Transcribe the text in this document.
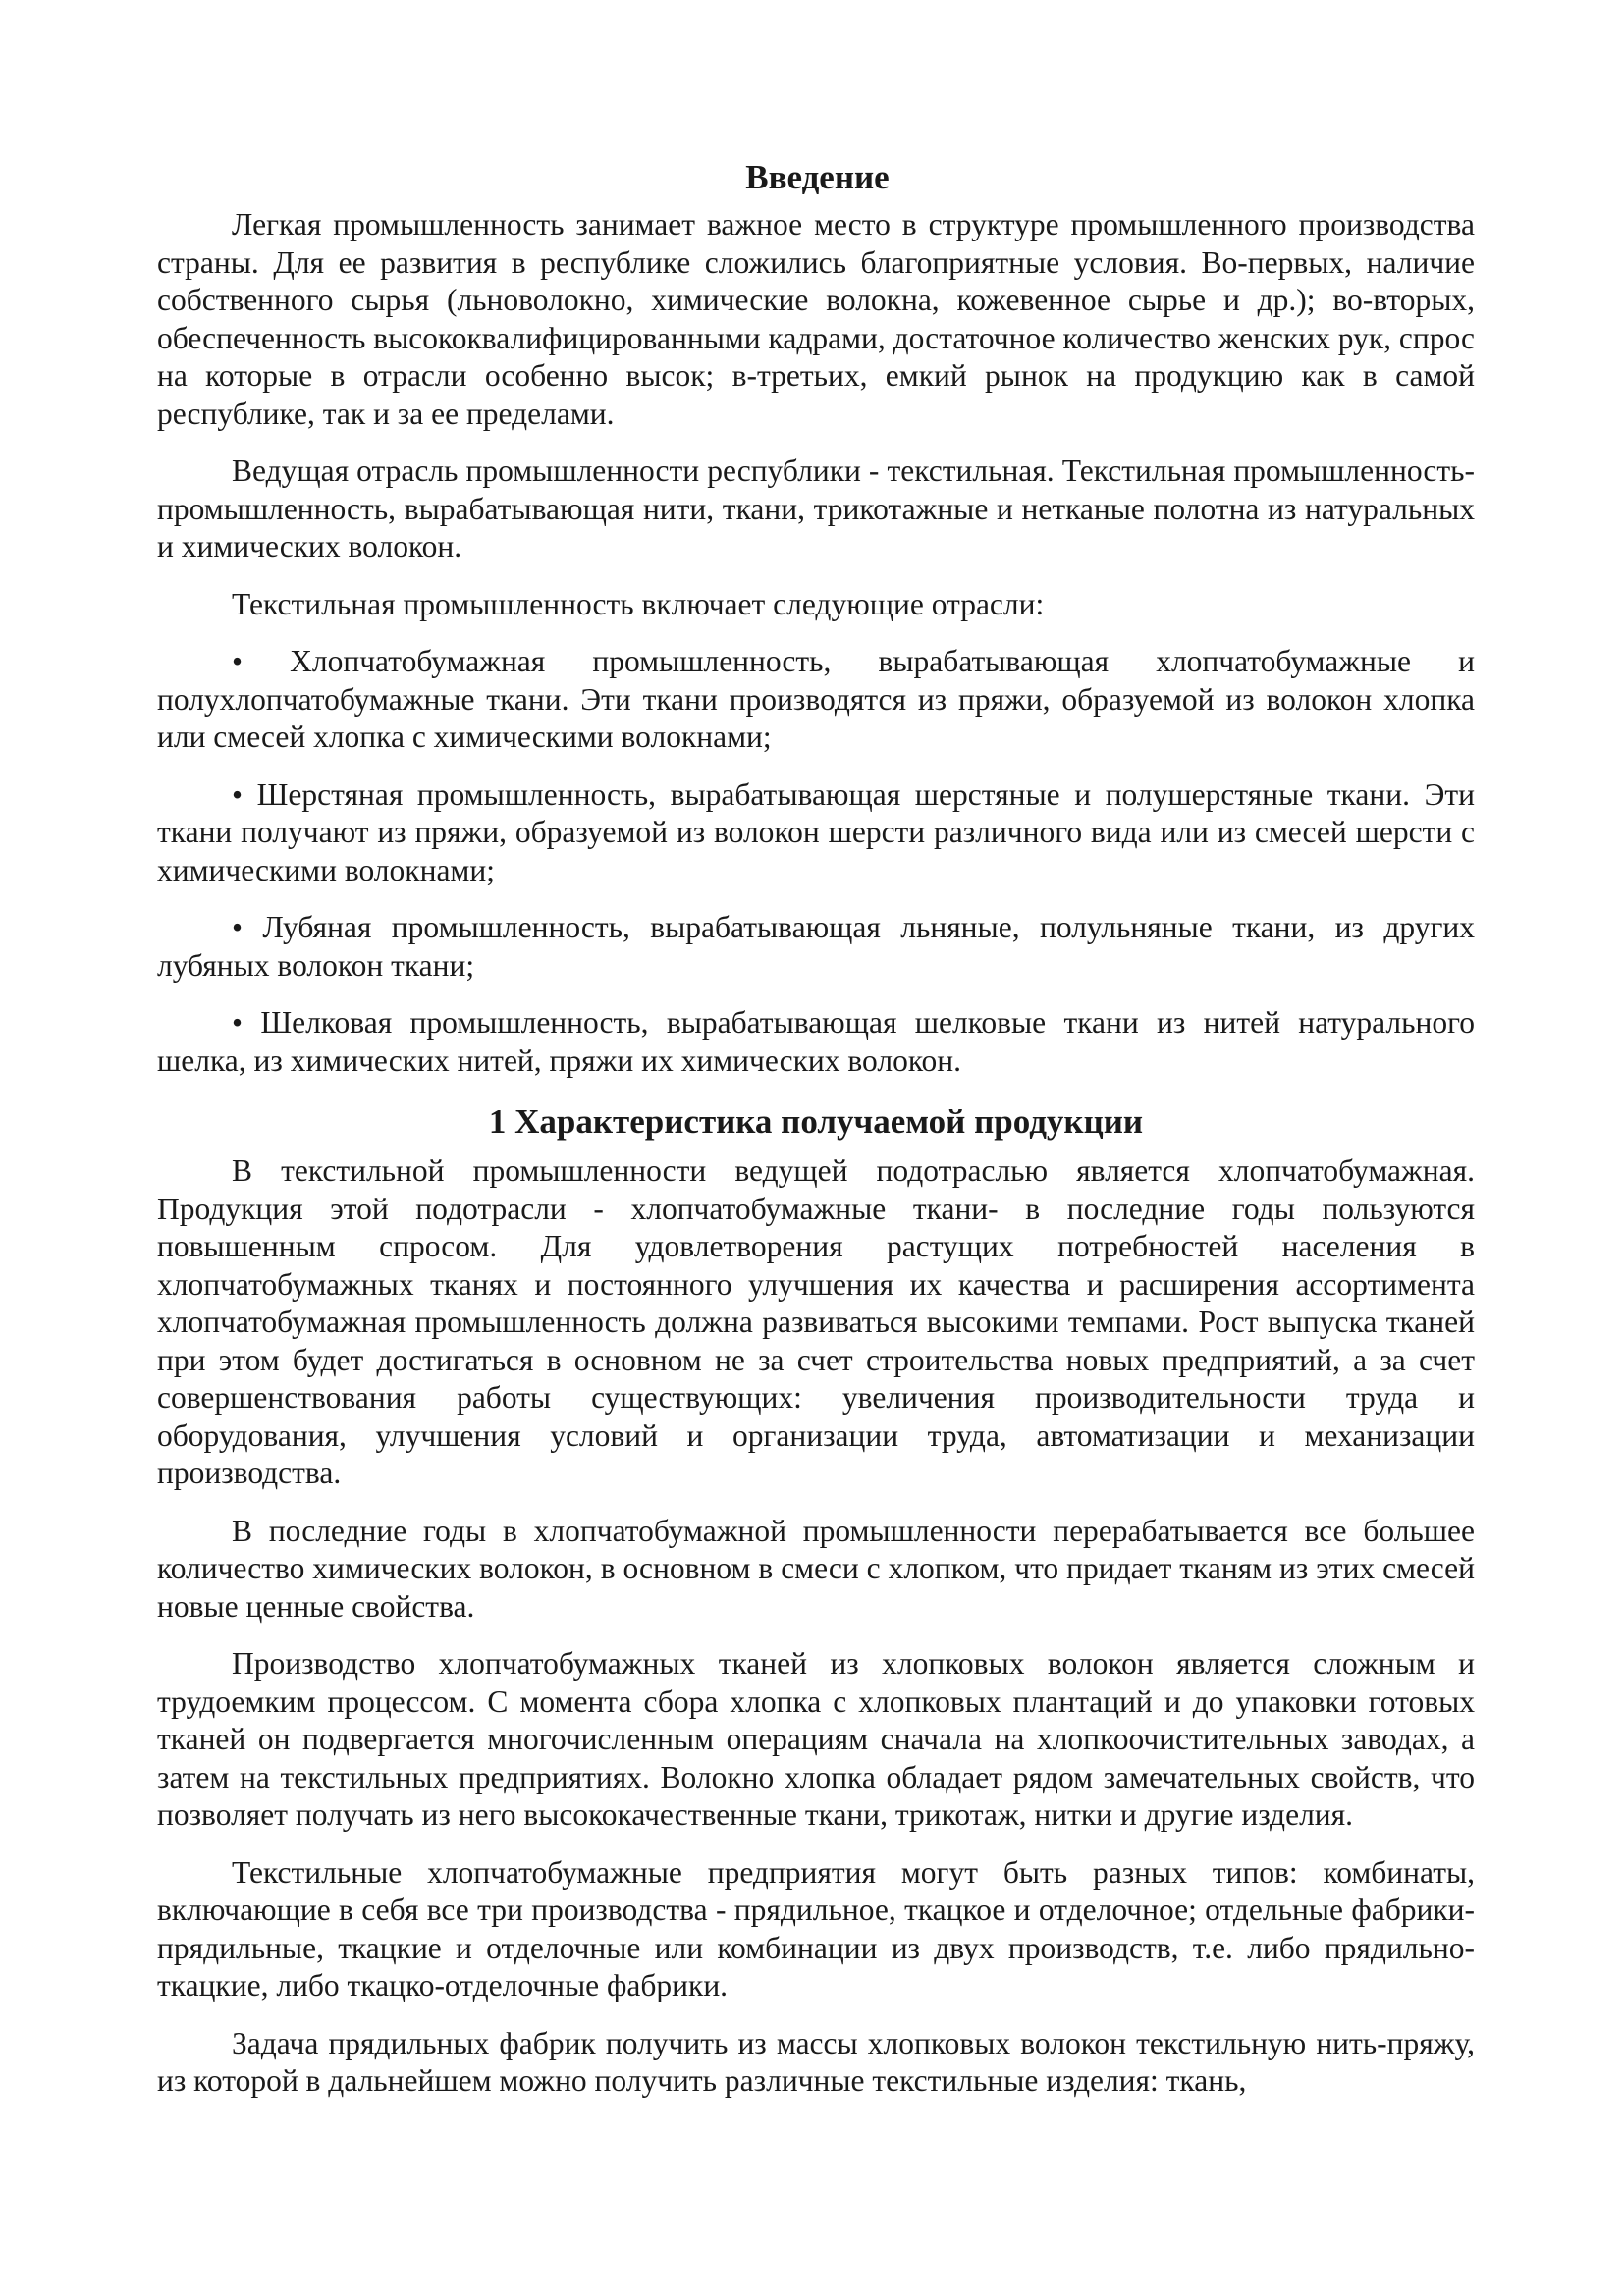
Введение

Легкая промышленность занимает важное место в структуре промышленного производства страны. Для ее развития в республике сложились благоприятные условия. Во-первых, наличие собственного сырья (льноволокно, химические волокна, кожевенное сырье и др.); во-вторых, обеспеченность высококвалифицированными кадрами, достаточное количество женских рук, спрос на которые в отрасли особенно высок; в-третьих, емкий рынок на продукцию как в самой республике, так и за ее пределами.

Ведущая отрасль промышленности республики - текстильная. Текстильная промышленность-промышленность, вырабатывающая нити, ткани, трикотажные и нетканые полотна из натуральных и химических волокон.

Текстильная промышленность включает следующие отрасли:

• Хлопчатобумажная промышленность, вырабатывающая хлопчатобумажные и полухлопчатобумажные ткани. Эти ткани производятся из пряжи, образуемой из волокон хлопка или смесей хлопка с химическими волокнами;

• Шерстяная промышленность, вырабатывающая шерстяные и полушерстяные ткани. Эти ткани получают из пряжи, образуемой из волокон шерсти различного вида или из смесей шерсти с химическими волокнами;

• Лубяная промышленность, вырабатывающая льняные, полульняные ткани, из других лубяных волокон ткани;

• Шелковая промышленность, вырабатывающая шелковые ткани из нитей натурального шелка, из химических нитей, пряжи их химических волокон.

1 Характеристика получаемой продукции

В текстильной промышленности ведущей подотраслью является хлопчатобумажная. Продукция этой подотрасли - хлопчатобумажные ткани- в последние годы пользуются повышенным спросом. Для удовлетворения растущих потребностей населения в хлопчатобумажных тканях и постоянного улучшения их качества и расширения ассортимента хлопчатобумажная промышленность должна развиваться высокими темпами. Рост выпуска тканей при этом будет достигаться в основном не за счет строительства новых предприятий, а за счет совершенствования работы существующих: увеличения производительности труда и оборудования, улучшения условий и организации труда, автоматизации и механизации производства.

В последние годы в хлопчатобумажной промышленности перерабатывается все большее количество химических волокон, в основном в смеси с хлопком, что придает тканям из этих смесей новые ценные свойства.

Производство хлопчатобумажных тканей из хлопковых волокон является сложным и трудоемким процессом. С момента сбора хлопка с хлопковых плантаций и до упаковки готовых тканей он подвергается многочисленным операциям сначала на хлопкоочистительных заводах, а затем на текстильных предприятиях. Волокно хлопка обладает рядом замечательных свойств, что позволяет получать из него высококачественные ткани, трикотаж, нитки и другие изделия.

Текстильные хлопчатобумажные предприятия могут быть разных типов: комбинаты, включающие в себя все три производства - прядильное, ткацкое и отделочное; отдельные фабрики- прядильные, ткацкие и отделочные или комбинации из двух производств, т.е. либо прядильно-ткацкие, либо ткацко-отделочные фабрики.

Задача прядильных фабрик получить из массы хлопковых волокон текстильную нить-пряжу, из которой в дальнейшем можно получить различные текстильные изделия: ткань,
